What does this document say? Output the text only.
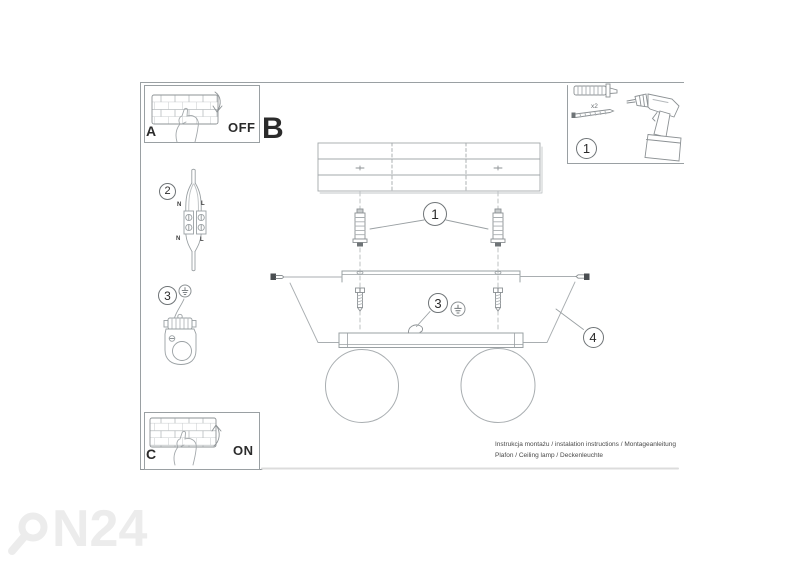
N24
A	OFF
2
N	L
N	L
3
C	ON
B
1
x2
1
3
4
Instrukcja montażu / instalation instructions / Montageanleitung
Plafon / Ceiling lamp / Deckenleuchte
